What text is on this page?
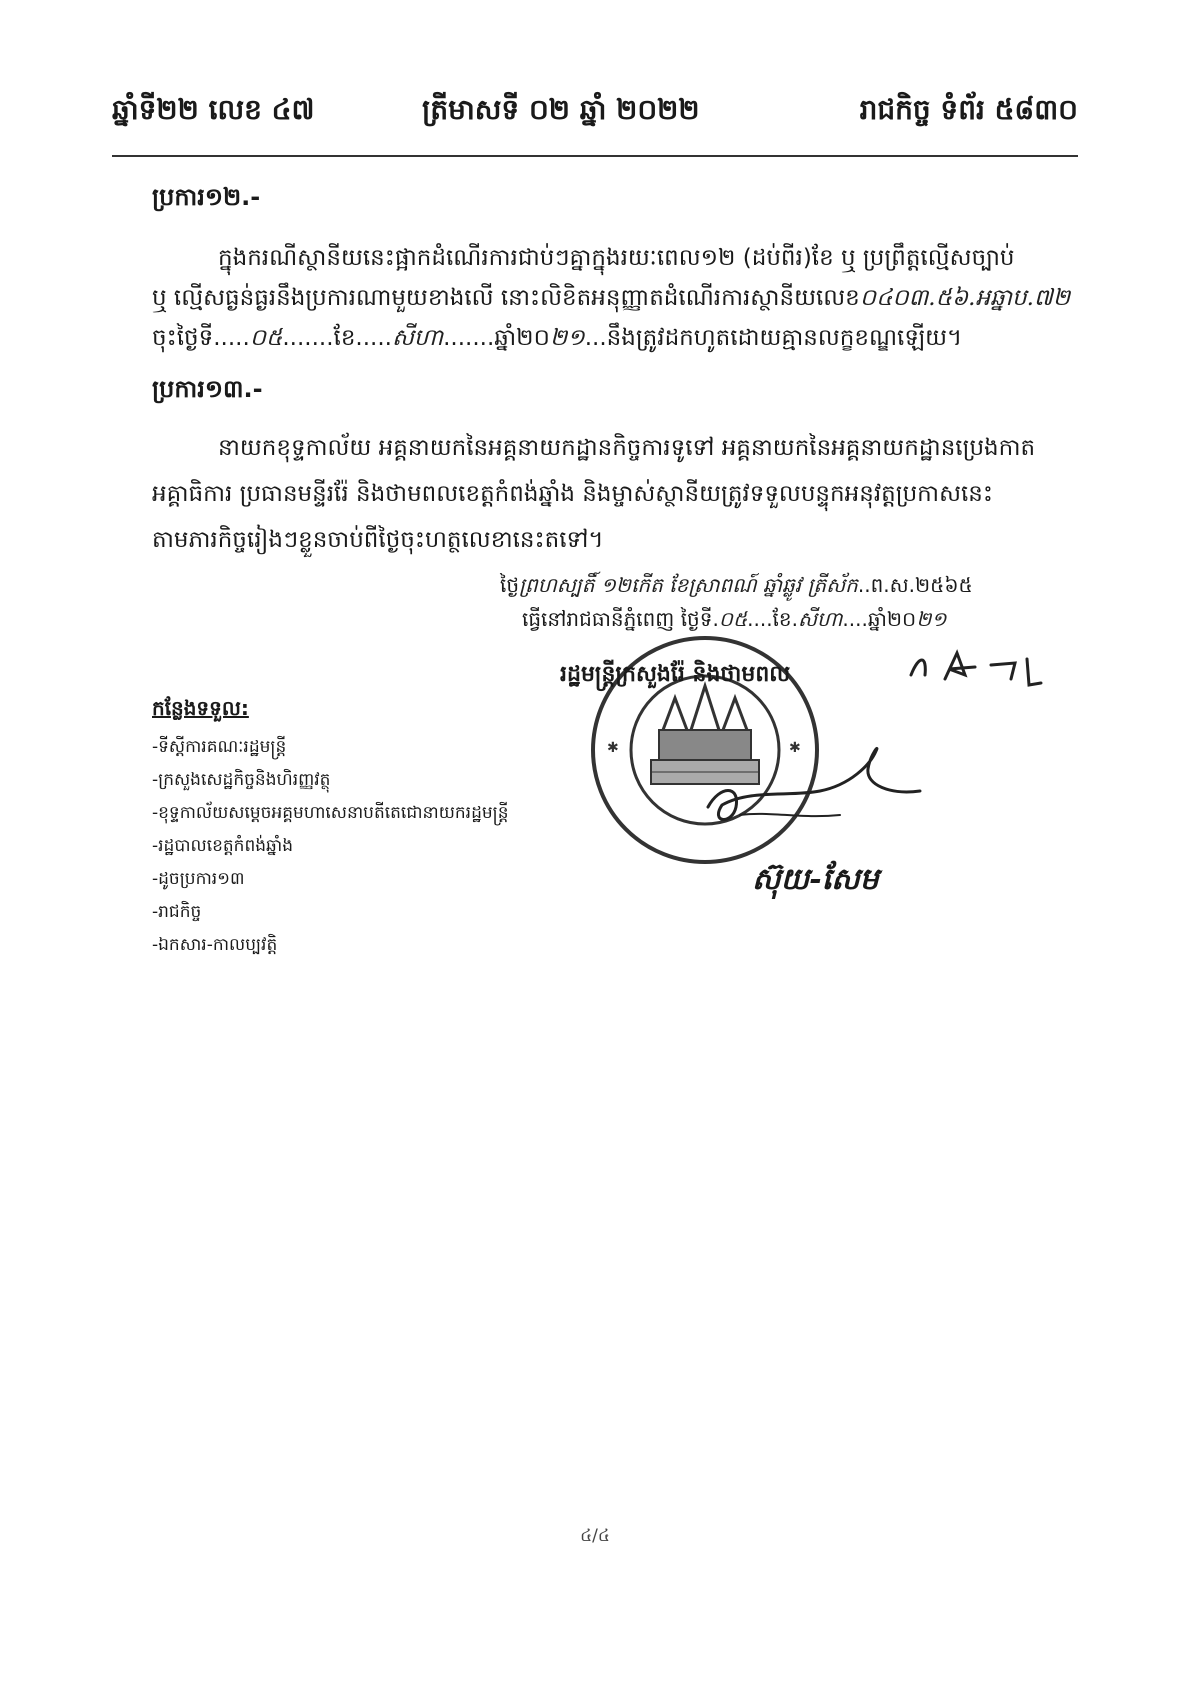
ឆ្នាំទី២២ លេខ ៤៧	ត្រីមាសទី ០២ ឆ្នាំ ២០២២	រាជកិច្ច ទំព័រ ៥៨៣០
ប្រការ១២.-
ក្នុងករណីស្ថានីយនេះផ្អាកដំណើរការជាប់ៗគ្នាក្នុងរយៈពេល១២ (ដប់ពីរ)ខែ ឬ ប្រព្រឹត្តល្មើសច្បាប់
ឬ ល្មើសធ្ងន់ធ្ងរនឹងប្រការណាមួយខាងលើ នោះលិខិតអនុញ្ញាតដំណើរការស្ថានីយលេខ០៤០៣.៥៦.អឆ្នាប.៧២
ចុះថ្ងៃទី.....០៥.......ខែ.....សីហា.......ឆ្នាំ២០២១...នឹងត្រូវដកហូតដោយគ្មានលក្ខខណ្ឌឡើយ។
ប្រការ១៣.-
នាយកខុទ្ទកាល័យ អគ្គនាយកនៃអគ្គនាយកដ្ឋានកិច្ចការទូទៅ អគ្គនាយកនៃអគ្គនាយកដ្ឋានប្រេងកាត
អគ្គាធិការ ប្រធានមន្ទីររ៉ែ និងថាមពលខេត្តកំពង់ឆ្នាំង និងម្ចាស់ស្ថានីយត្រូវទទួលបន្ទុកអនុវត្តប្រកាសនេះ
តាមភារកិច្ចរៀងៗខ្លួនចាប់ពីថ្ងៃចុះហត្ថលេខានេះតទៅ។
ថ្ងៃព្រហស្បតិ៍ ១២កើត ខែស្រាពណ៍ ឆ្នាំឆ្លូវ ត្រីស័ក..ព.ស.២៥៦៥
ធ្វើនៅរាជធានីភ្នំពេញ ថ្ងៃទី.០៥....ខែ.សីហា....ឆ្នាំ២០២១
✱	✱
រដ្ឋមន្ត្រីក្រសួងរ៉ែ និងថាមពល
ស៊ុយ-សែម
កន្លែងទទួល:
-ទីស្តីការគណៈរដ្ឋមន្ត្រី
-ក្រសួងសេដ្ឋកិច្ចនិងហិរញ្ញវត្ថុ
-ខុទ្ទកាល័យសម្តេចអគ្គមហាសេនាបតីតេជោនាយករដ្ឋមន្ត្រី
-រដ្ឋបាលខេត្តកំពង់ឆ្នាំង
-ដូចប្រការ១៣
-រាជកិច្ច
-ឯកសារ-កាលប្បវត្តិ
៤/៤
